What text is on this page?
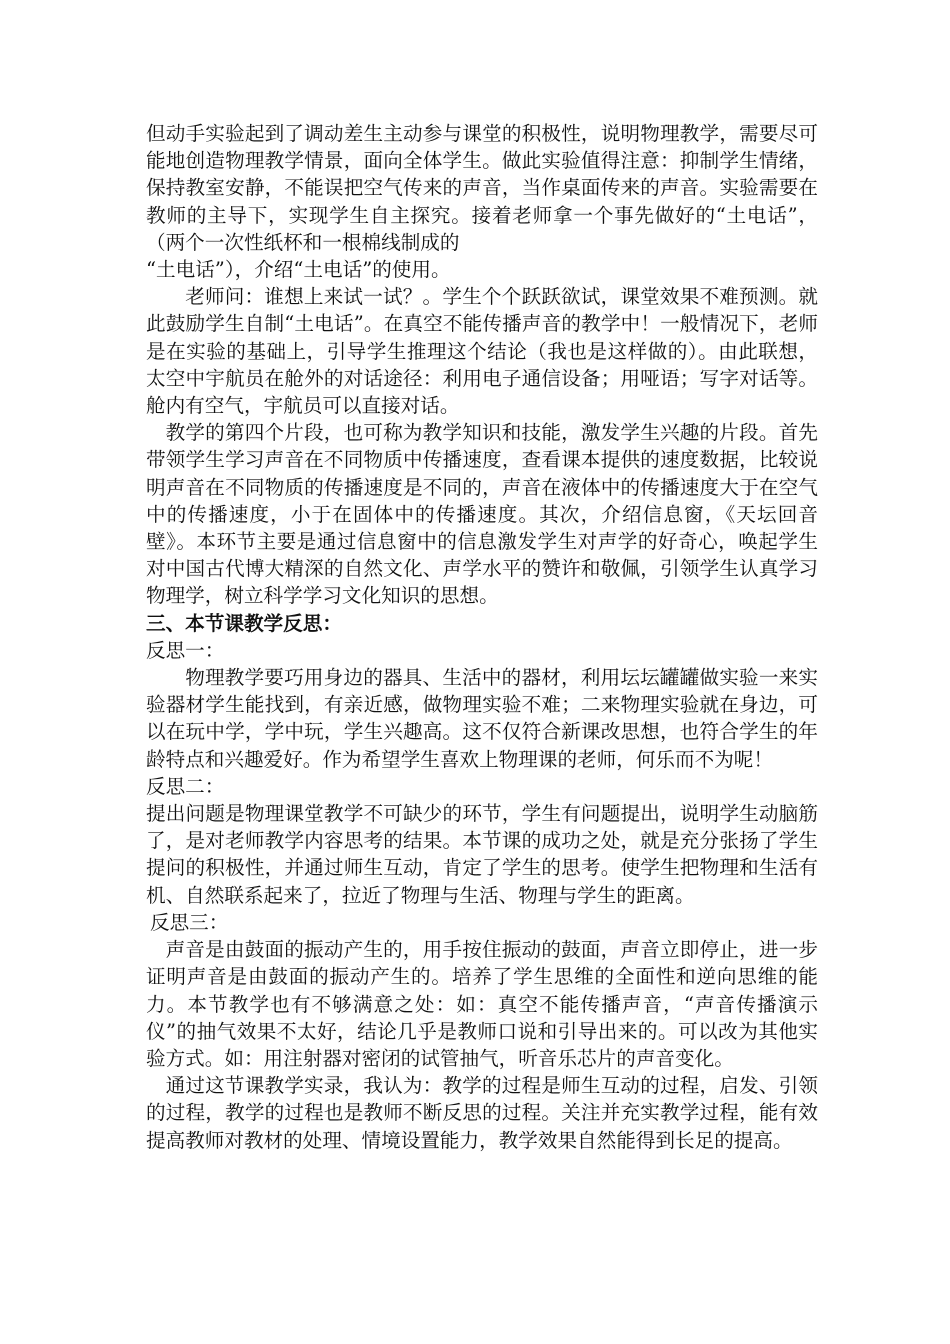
但动手实验起到了调动差生主动参与课堂的积极性，说明物理教学，需要尽可能地创造物理教学情景，面向全体学生。做此实验值得注意：抑制学生情绪，保持教室安静，不能误把空气传来的声音，当作桌面传来的声音。实验需要在教师的主导下，实现学生自主探究。接着老师拿一个事先做好的“土电话”，（两个一次性纸杯和一根棉线制成的

“土电话”），介绍“土电话”的使用。

老师问：谁想上来试一试？。学生个个跃跃欲试，课堂效果不难预测。就此鼓励学生自制“土电话”。在真空不能传播声音的教学中！一般情况下，老师是在实验的基础上，引导学生推理这个结论（我也是这样做的）。由此联想，太空中宇航员在舱外的对话途径：利用电子通信设备；用哑语；写字对话等。舱内有空气，宇航员可以直接对话。

教学的第四个片段，也可称为教学知识和技能，激发学生兴趣的片段。首先带领学生学习声音在不同物质中传播速度，查看课本提供的速度数据，比较说明声音在不同物质的传播速度是不同的，声音在液体中的传播速度大于在空气中的传播速度，小于在固体中的传播速度。其次，介绍信息窗，《天坛回音壁》。本环节主要是通过信息窗中的信息激发学生对声学的好奇心，唤起学生对中国古代博大精深的自然文化、声学水平的赞许和敬佩，引领学生认真学习物理学，树立科学学习文化知识的思想。

三、本节课教学反思：

反思一：

物理教学要巧用身边的器具、生活中的器材，利用坛坛罐罐做实验一来实验器材学生能找到，有亲近感，做物理实验不难；二来物理实验就在身边，可以在玩中学，学中玩，学生兴趣高。这不仅符合新课改思想，也符合学生的年龄特点和兴趣爱好。作为希望学生喜欢上物理课的老师，何乐而不为呢！

反思二：

提出问题是物理课堂教学不可缺少的环节，学生有问题提出，说明学生动脑筋了，是对老师教学内容思考的结果。本节课的成功之处，就是充分张扬了学生提问的积极性，并通过师生互动，肯定了学生的思考。使学生把物理和生活有机、自然联系起来了，拉近了物理与生活、物理与学生的距离。

反思三：

声音是由鼓面的振动产生的，用手按住振动的鼓面，声音立即停止，进一步证明声音是由鼓面的振动产生的。培养了学生思维的全面性和逆向思维的能力。本节教学也有不够满意之处：如：真空不能传播声音，“声音传播演示仪”的抽气效果不太好，结论几乎是教师口说和引导出来的。可以改为其他实验方式。如：用注射器对密闭的试管抽气，听音乐芯片的声音变化。

通过这节课教学实录，我认为：教学的过程是师生互动的过程，启发、引领的过程，教学的过程也是教师不断反思的过程。关注并充实教学过程，能有效提高教师对教材的处理、情境设置能力，教学效果自然能得到长足的提高。
